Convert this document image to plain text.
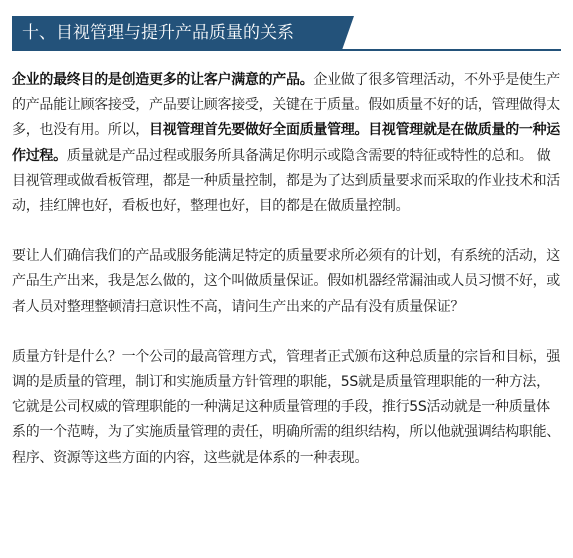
十、目视管理与提升产品质量的关系

企业的最终目的是创造更多的让客户满意的产品。企业做了很多管理活动，不外乎是使生产的产品能让顾客接受，产品要让顾客接受，关键在于质量。假如质量不好的话，管理做得太多，也没有用。所以，目视管理首先要做好全面质量管理。目视管理就是在做质量的一种运作过程。质量就是产品过程或服务所具备满足你明示或隐含需要的特征或特性的总和。 做目视管理或做看板管理，都是一种质量控制，都是为了达到质量要求而采取的作业技术和活动，挂红牌也好，看板也好，整理也好，目的都是在做质量控制。

要让人们确信我们的产品或服务能满足特定的质量要求所必须有的计划，有系统的活动，这产品生产出来，我是怎么做的，这个叫做质量保证。假如机器经常漏油或人员习惯不好，或者人员对整理整顿清扫意识性不高，请问生产出来的产品有没有质量保证？

质量方针是什么？一个公司的最高管理方式，管理者正式颁布这种总质量的宗旨和目标，强调的是质量的管理，制订和实施质量方针管理的职能，5S就是质量管理职能的一种方法，它就是公司权威的管理职能的一种满足这种质量管理的手段，推行5S活动就是一种质量体系的一个范畴，为了实施质量管理的责任，明确所需的组织结构，所以他就强调结构职能、程序、资源等这些方面的内容，这些就是体系的一种表现。
